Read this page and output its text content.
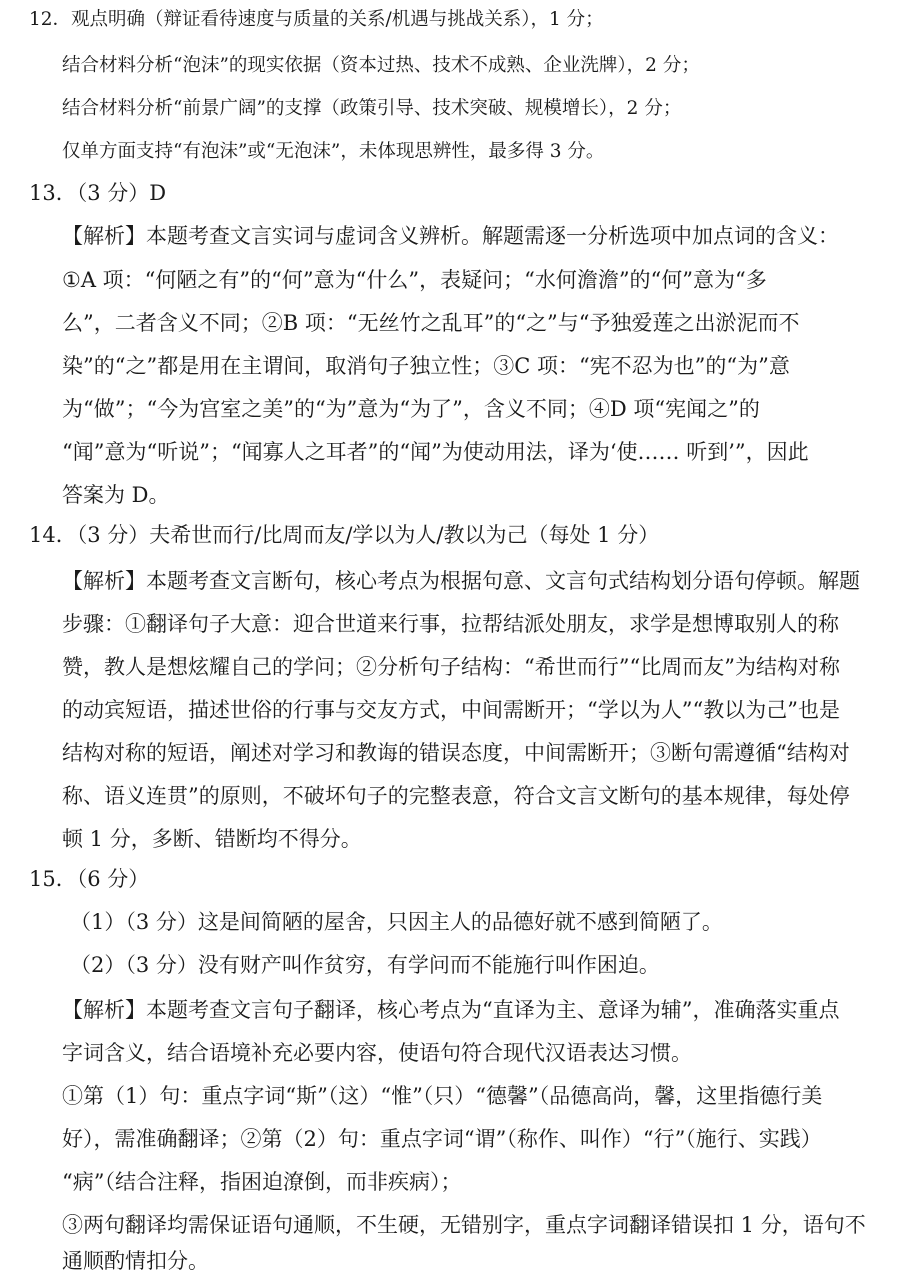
12．观点明确（辩证看待速度与质量的关系/机遇与挑战关系），1 分；
结合材料分析“泡沫”的现实依据（资本过热、技术不成熟、企业洗牌），2 分；
结合材料分析“前景广阔”的支撑（政策引导、技术突破、规模增长），2 分；
仅单方面支持“有泡沫”或“无泡沫”，未体现思辨性，最多得 3 分。
13．（3 分）D
【解析】本题考查文言实词与虚词含义辨析。解题需逐一分析选项中加点词的含义：
①A 项：“何陋之有”的“何”意为“什么”，表疑问；“水何澹澹”的“何”意为“多
么”，二者含义不同；②B 项：“无丝竹之乱耳”的“之”与“予独爱莲之出淤泥而不
染”的“之”都是用在主谓间，取消句子独立性；③C 项：“宪不忍为也”的“为”意
为“做”；“今为宫室之美”的“为”意为“为了”，含义不同；④D 项“宪闻之”的
“闻”意为“听说”；“闻寡人之耳者”的“闻”为使动用法，译为‘使…… 听到’”，因此
答案为 D。
14．（3 分）夫希世而行/比周而友/学以为人/教以为己（每处 1 分）
【解析】本题考查文言断句，核心考点为根据句意、文言句式结构划分语句停顿。解题
步骤：①翻译句子大意：迎合世道来行事，拉帮结派处朋友，求学是想博取别人的称
赞，教人是想炫耀自己的学问；②分析句子结构：“希世而行”“比周而友”为结构对称
的动宾短语，描述世俗的行事与交友方式，中间需断开；“学以为人”“教以为己”也是
结构对称的短语，阐述对学习和教诲的错误态度，中间需断开；③断句需遵循“结构对
称、语义连贯”的原则，不破坏句子的完整表意，符合文言文断句的基本规律，每处停
顿 1 分，多断、错断均不得分。
15．（6 分）
（1）（3 分）这是间简陋的屋舍，只因主人的品德好就不感到简陋了。
（2）（3 分）没有财产叫作贫穷，有学问而不能施行叫作困迫。
【解析】本题考查文言句子翻译，核心考点为“直译为主、意译为辅”，准确落实重点
字词含义，结合语境补充必要内容，使语句符合现代汉语表达习惯。
①第（1）句：重点字词“斯”（这）“惟”（只）“德馨”（品德高尚，馨，这里指德行美
好），需准确翻译；②第（2）句：重点字词“谓”（称作、叫作）“行”（施行、实践）
“病”（结合注释，指困迫潦倒，而非疾病）；
③两句翻译均需保证语句通顺，不生硬，无错别字，重点字词翻译错误扣 1 分，语句不
通顺酌情扣分。
